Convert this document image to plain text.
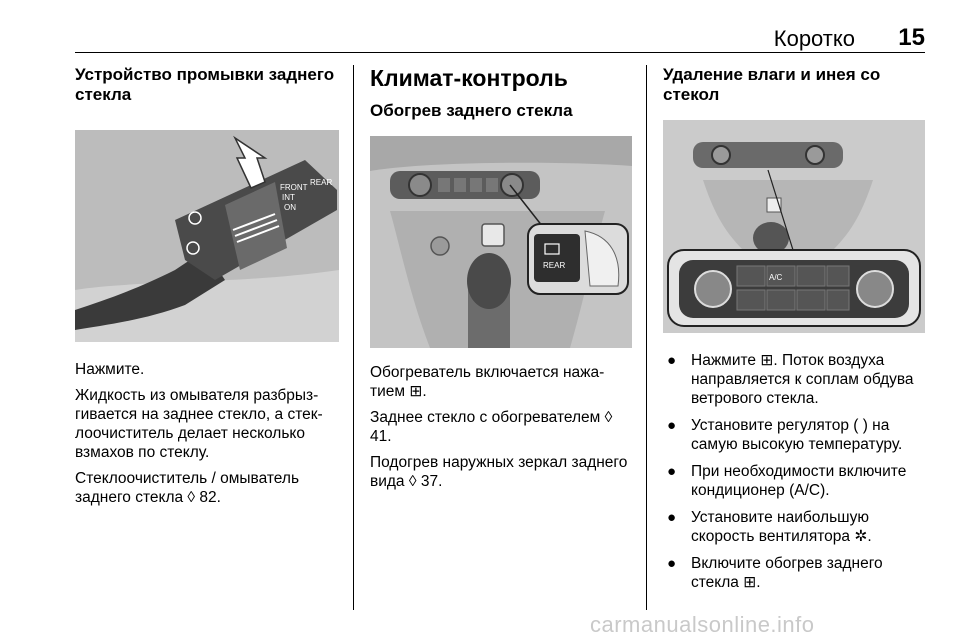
Коротко 15
Устройство промывки заднего стекла
FRONT
INT
ON
REAR

Нажмите.

Жидкость из омывателя разбрызгивается на заднее стекло, а стеклоочиститель делает несколько взмахов по стеклу.

Стеклоочиститель / омыватель заднего стекла ◊ 82.

Климат-контроль
Обогрев заднего стекла
REAR

Обогреватель включается нажатием ⊞.

Заднее стекло с обогревателем ◊ 41.

Подогрев наружных зеркал заднего вида ◊ 37.

Удаление влаги и инея со стекол
A/C
● Нажмите ⊞. Поток воздуха направляется к соплам обдува ветрового стекла.
● Установите регулятор ( ) на самую высокую температуру.
● При необходимости включите кондиционер (A/C).
● Установите наибольшую скорость вентилятора ✲.
● Включите обогрев заднего стекла ⊞.
carmanualsonline.info
